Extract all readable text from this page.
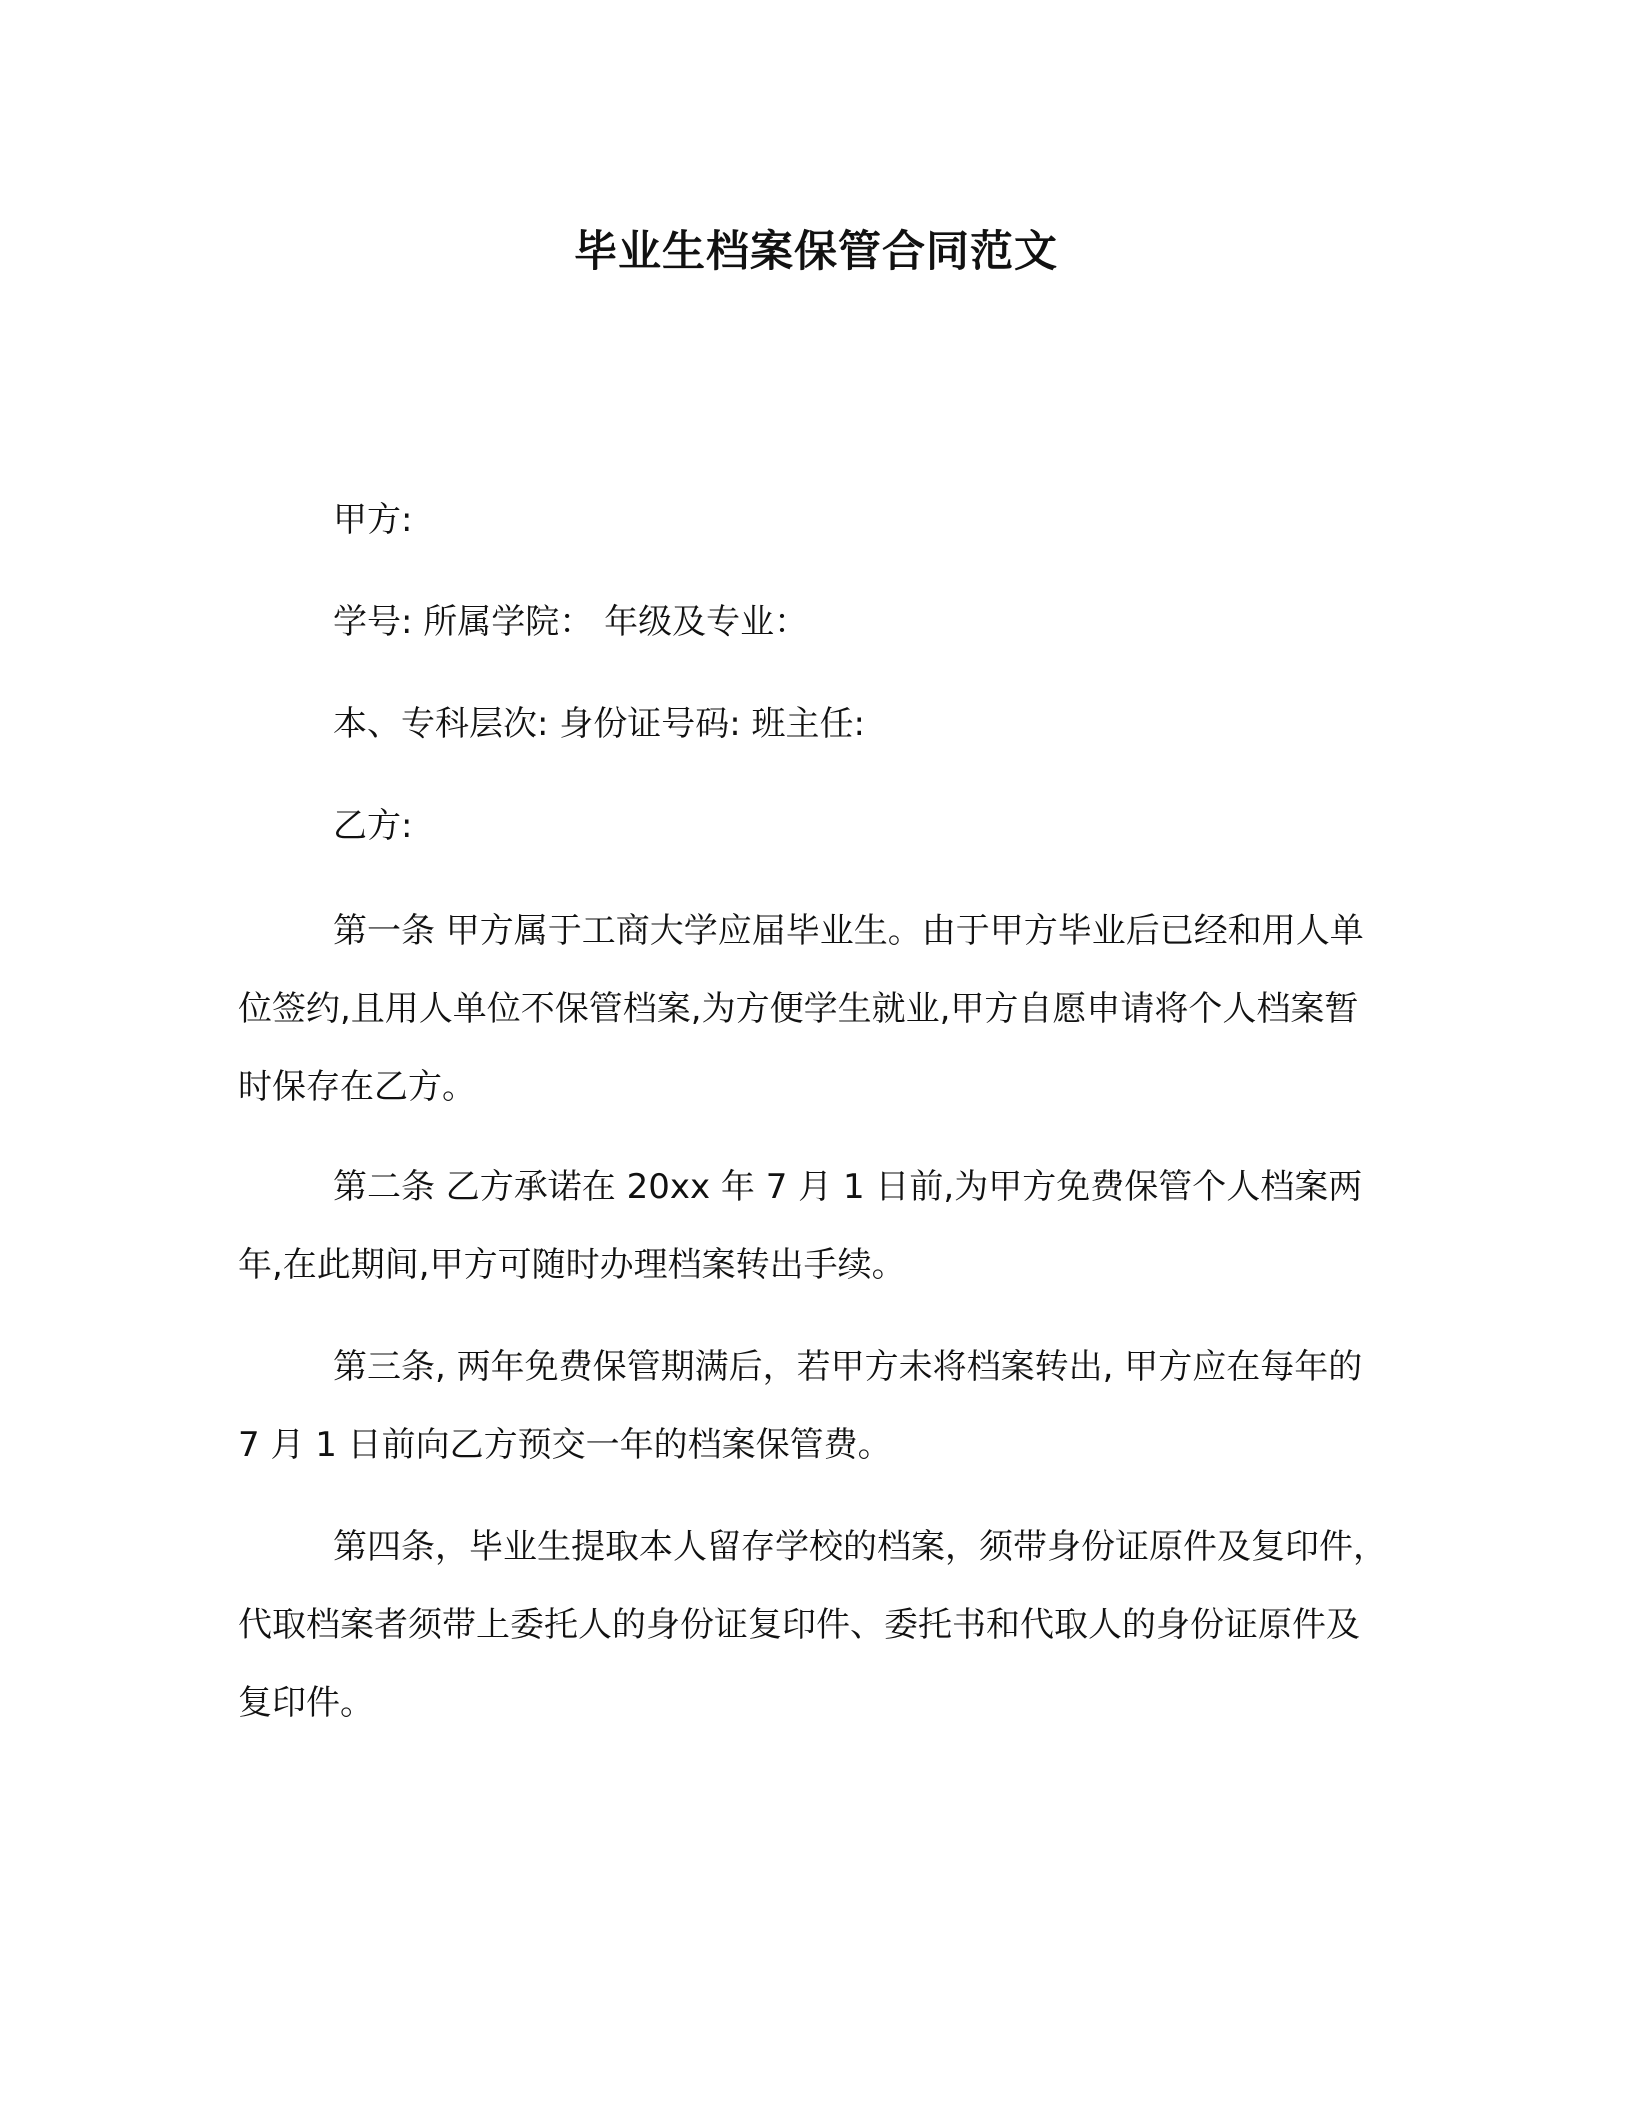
毕业生档案保管合同范文

甲方:

学号: 所属学院： 年级及专业：

本、专科层次: 身份证号码: 班主任:

乙方:

第一条 甲方属于工商大学应届毕业生。由于甲方毕业后已经和用人单位签约,且用人单位不保管档案,为方便学生就业,甲方自愿申请将个人档案暂时保存在乙方。

第二条 乙方承诺在 20xx 年 7 月 1 日前,为甲方免费保管个人档案两年,在此期间,甲方可随时办理档案转出手续。

第三条, 两年免费保管期满后，若甲方未将档案转出, 甲方应在每年的 7 月 1 日前向乙方预交一年的档案保管费。

第四条，毕业生提取本人留存学校的档案，须带身份证原件及复印件，代取档案者须带上委托人的身份证复印件、委托书和代取人的身份证原件及复印件。
